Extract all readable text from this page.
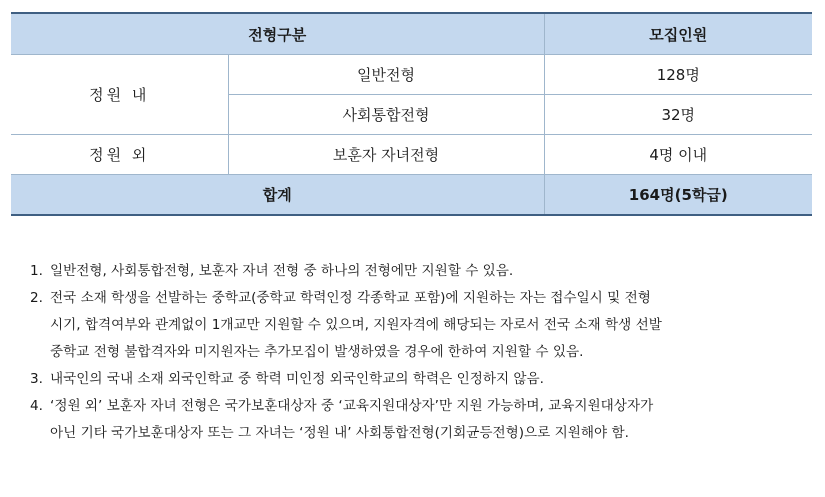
전형구분		모집인원
정원 내	일반전형	128명
	사회통합전형	32명
정원 외	보훈자 자녀전형	4명 이내
합계		164명(5학급)
1. 일반전형, 사회통합전형, 보훈자 자녀 전형 중 하나의 전형에만 지원할 수 있음.
2. 전국 소재 학생을 선발하는 중학교(중학교 학력인정 각종학교 포함)에 지원하는 자는 접수일시 및 전형
시기, 합격여부와 관계없이 1개교만 지원할 수 있으며, 지원자격에 해당되는 자로서 전국 소재 학생 선발
중학교 전형 불합격자와 미지원자는 추가모집이 발생하였을 경우에 한하여 지원할 수 있음.
3. 내국인의 국내 소재 외국인학교 중 학력 미인정 외국인학교의 학력은 인정하지 않음.
4. ‘정원 외’ 보훈자 자녀 전형은 국가보훈대상자 중 ‘교육지원대상자’만 지원 가능하며, 교육지원대상자가
아닌 기타 국가보훈대상자 또는 그 자녀는 ‘정원 내’ 사회통합전형(기회균등전형)으로 지원해야 함.
